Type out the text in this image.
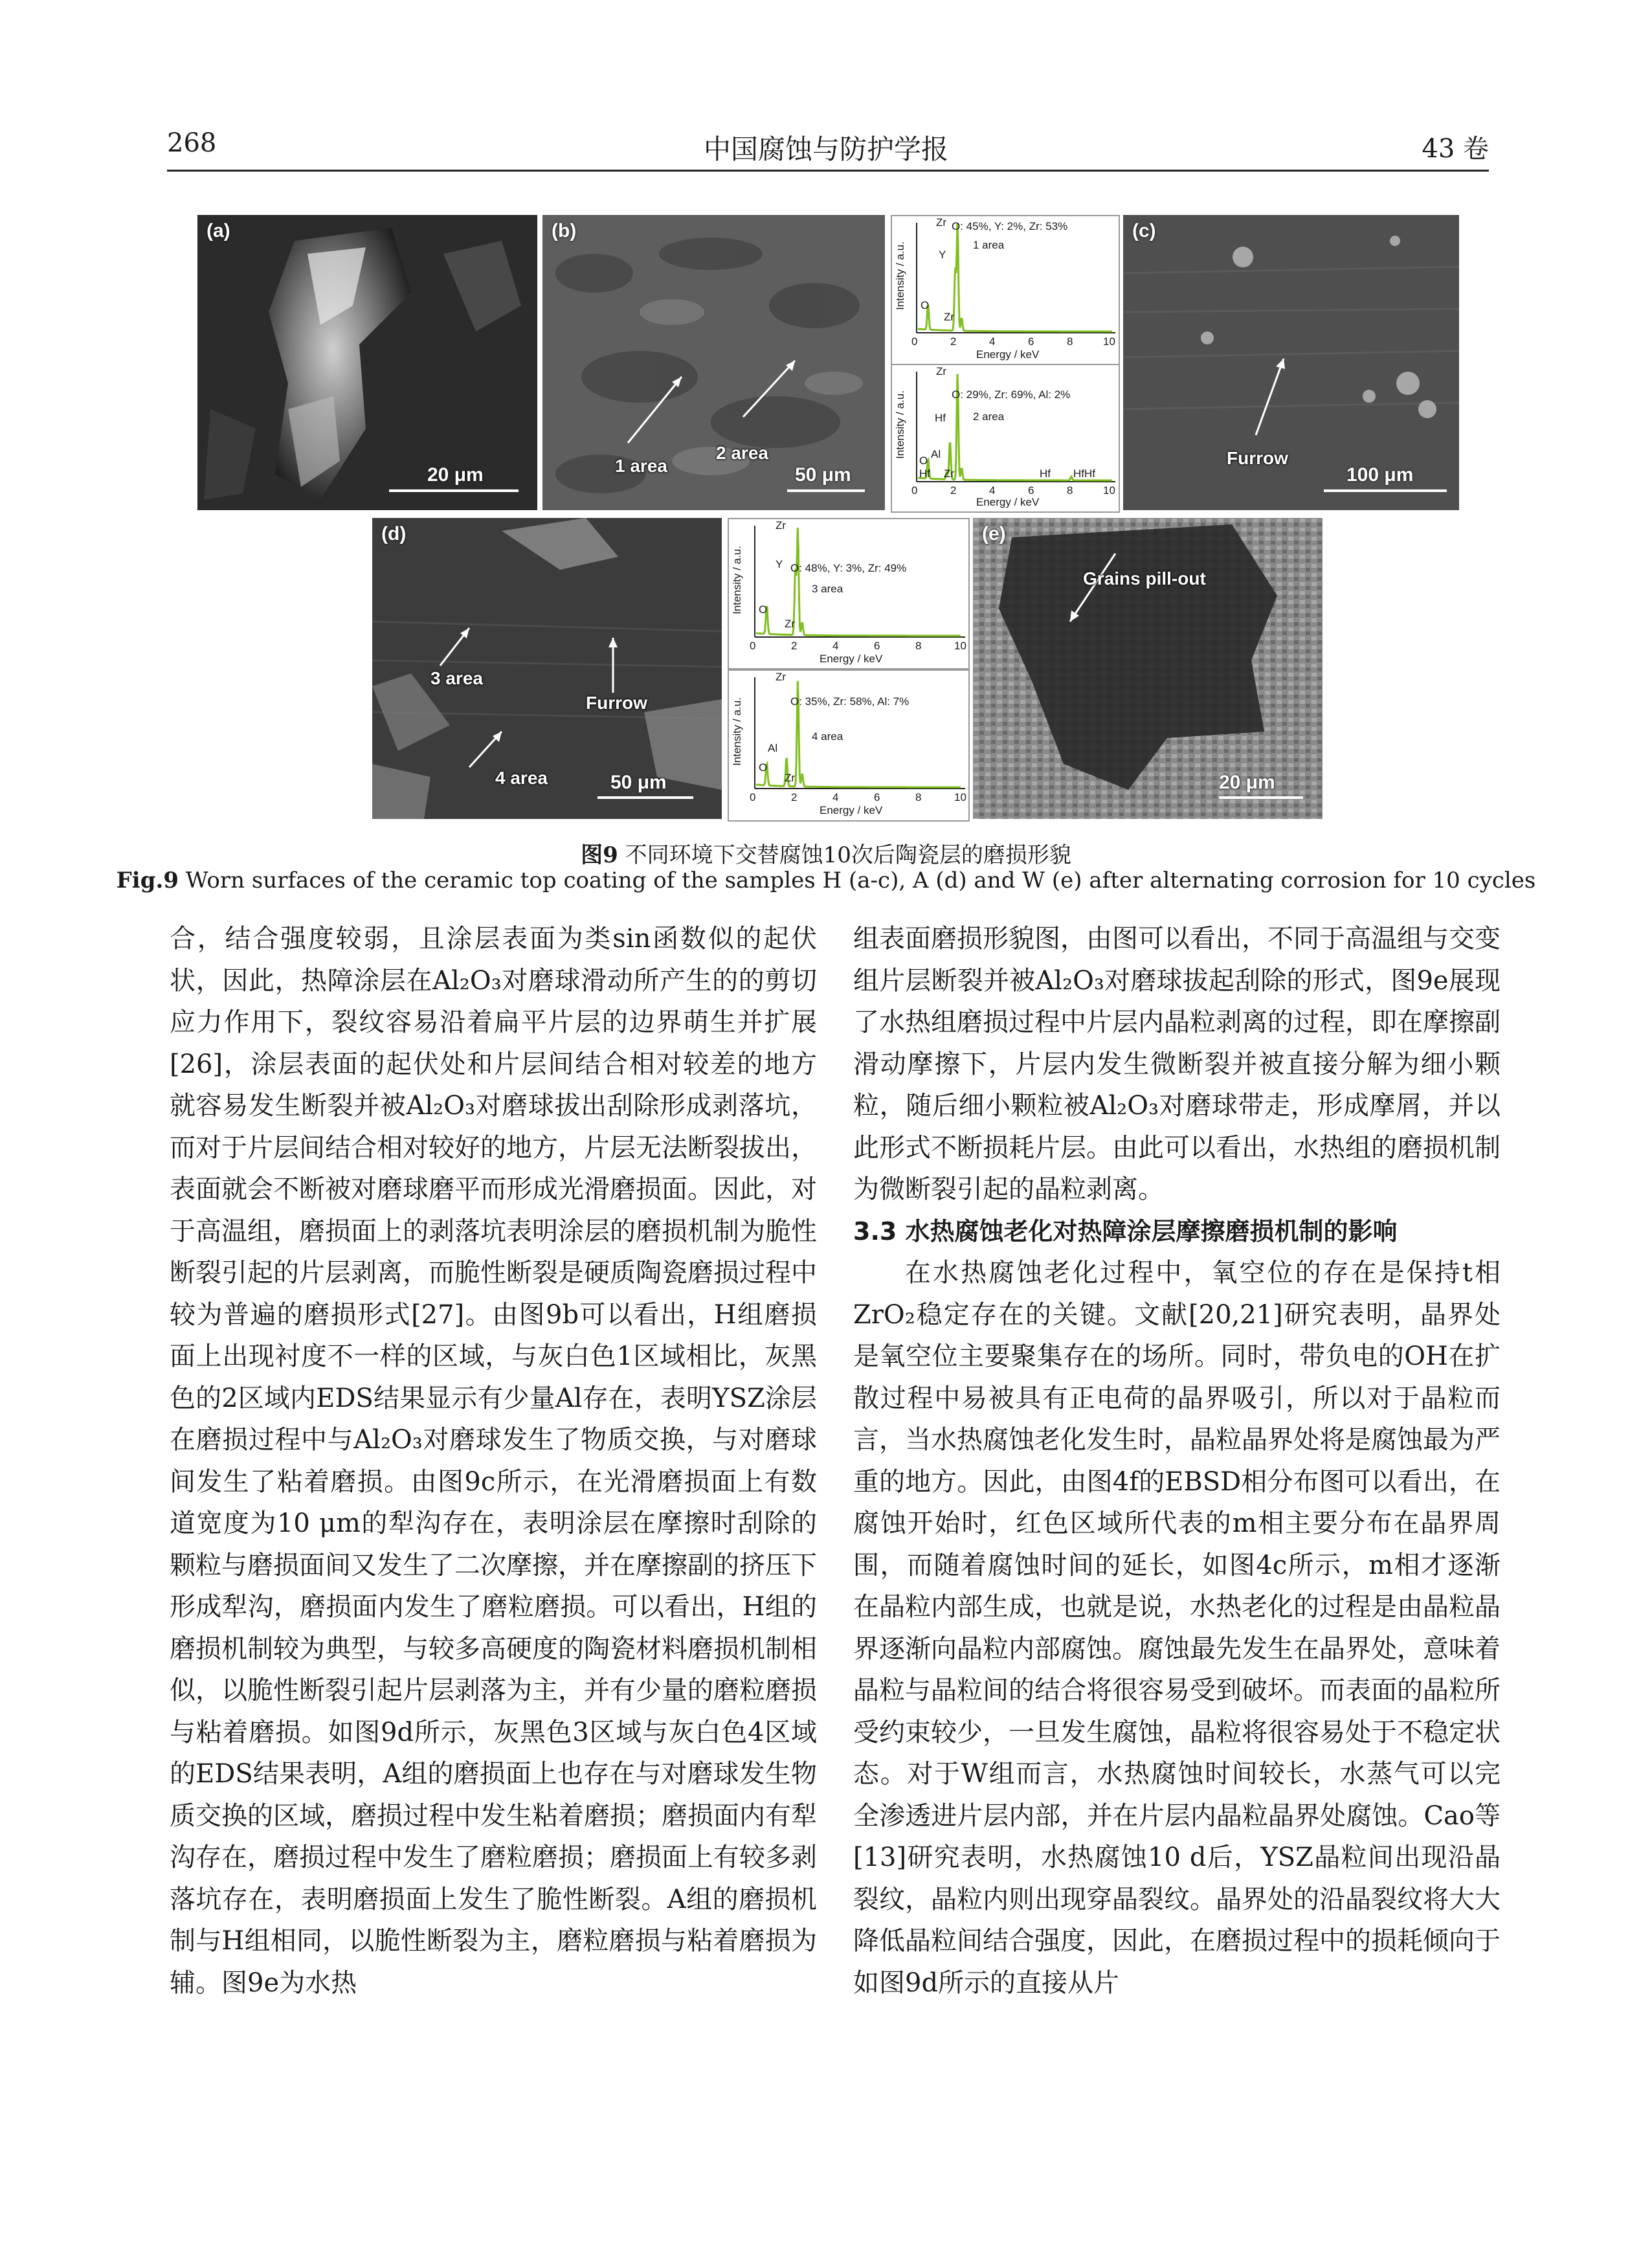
268	中国腐蚀与防护学报	43 卷
(a)
20 μm
(b)
1 area
2 area
50 μm
Intensity / a.u.
O: 45%, Y: 2%, Zr: 53%
1 area
Zr
Y
O
Zr
0	2	4	6	8	10
Energy / keV
Intensity / a.u.	O: 29%, Zr: 69%, Al: 2%
2 area
Zr
Hf
O
Al
Hf Zr	Hf HfHf
0	2	4	6	8	10
Energy / keV
(c)
Furrow
100 μm
(d)
3 area
Furrow
4 area	50 μm
Intensity / a.u.	O: 48%, Y: 3%, Zr: 49%
3 area
Zr
Y
O
Zr
0	2	4	6	8	10
Energy / keV
Intensity / a.u.	O: 35%, Zr: 58%, Al: 7%
4 area
Zr
Al
O
Zr
0	2	4	6	8	10
Energy / keV
(e)
Grains pill-out
20 μm
图9 不同环境下交替腐蚀10次后陶瓷层的磨损形貌
Fig.9 Worn surfaces of the ceramic top coating of the samples H (a-c), A (d) and W (e) after alternating corrosion for 10 cycles

合，结合强度较弱，且涂层表面为类sin函数似的起伏状，因此，热障涂层在Al₂O₃对磨球滑动所产生的的剪切应力作用下，裂纹容易沿着扁平片层的边界萌生并扩展[26]，涂层表面的起伏处和片层间结合相对较差的地方就容易发生断裂并被Al₂O₃对磨球拔出刮除形成剥落坑，而对于片层间结合相对较好的地方，片层无法断裂拔出，表面就会不断被对磨球磨平而形成光滑磨损面。因此，对于高温组，磨损面上的剥落坑表明涂层的磨损机制为脆性断裂引起的片层剥离，而脆性断裂是硬质陶瓷磨损过程中较为普遍的磨损形式[27]。由图9b可以看出，H组磨损面上出现衬度不一样的区域，与灰白色1区域相比，灰黑色的2区域内EDS结果显示有少量Al存在，表明YSZ涂层在磨损过程中与Al₂O₃对磨球发生了物质交换，与对磨球间发生了粘着磨损。由图9c所示，在光滑磨损面上有数道宽度为10 μm的犁沟存在，表明涂层在摩擦时刮除的颗粒与磨损面间又发生了二次摩擦，并在摩擦副的挤压下形成犁沟，磨损面内发生了磨粒磨损。可以看出，H组的磨损机制较为典型，与较多高硬度的陶瓷材料磨损机制相似，以脆性断裂引起片层剥落为主，并有少量的磨粒磨损与粘着磨损。如图9d所示，灰黑色3区域与灰白色4区域的EDS结果表明，A组的磨损面上也存在与对磨球发生物质交换的区域，磨损过程中发生粘着磨损；磨损面内有犁沟存在，磨损过程中发生了磨粒磨损；磨损面上有较多剥落坑存在，表明磨损面上发生了脆性断裂。A组的磨损机制与H组相同，以脆性断裂为主，磨粒磨损与粘着磨损为辅。图9e为水热

组表面磨损形貌图，由图可以看出，不同于高温组与交变组片层断裂并被Al₂O₃对磨球拔起刮除的形式，图9e展现了水热组磨损过程中片层内晶粒剥离的过程，即在摩擦副滑动摩擦下，片层内发生微断裂并被直接分解为细小颗粒，随后细小颗粒被Al₂O₃对磨球带走，形成摩屑，并以此形式不断损耗片层。由此可以看出，水热组的磨损机制为微断裂引起的晶粒剥离。

3.3 水热腐蚀老化对热障涂层摩擦磨损机制的影响

在水热腐蚀老化过程中，氧空位的存在是保持t相ZrO₂稳定存在的关键。文献[20,21]研究表明，晶界处是氧空位主要聚集存在的场所。同时，带负电的OH在扩散过程中易被具有正电荷的晶界吸引，所以对于晶粒而言，当水热腐蚀老化发生时，晶粒晶界处将是腐蚀最为严重的地方。因此，由图4f的EBSD相分布图可以看出，在腐蚀开始时，红色区域所代表的m相主要分布在晶界周围，而随着腐蚀时间的延长，如图4c所示，m相才逐渐在晶粒内部生成，也就是说，水热老化的过程是由晶粒晶界逐渐向晶粒内部腐蚀。腐蚀最先发生在晶界处，意味着晶粒与晶粒间的结合将很容易受到破坏。而表面的晶粒所受约束较少，一旦发生腐蚀，晶粒将很容易处于不稳定状态。对于W组而言，水热腐蚀时间较长，水蒸气可以完全渗透进片层内部，并在片层内晶粒晶界处腐蚀。Cao等[13]研究表明，水热腐蚀10 d后，YSZ晶粒间出现沿晶裂纹，晶粒内则出现穿晶裂纹。晶界处的沿晶裂纹将大大降低晶粒间结合强度，因此，在磨损过程中的损耗倾向于如图9d所示的直接从片
